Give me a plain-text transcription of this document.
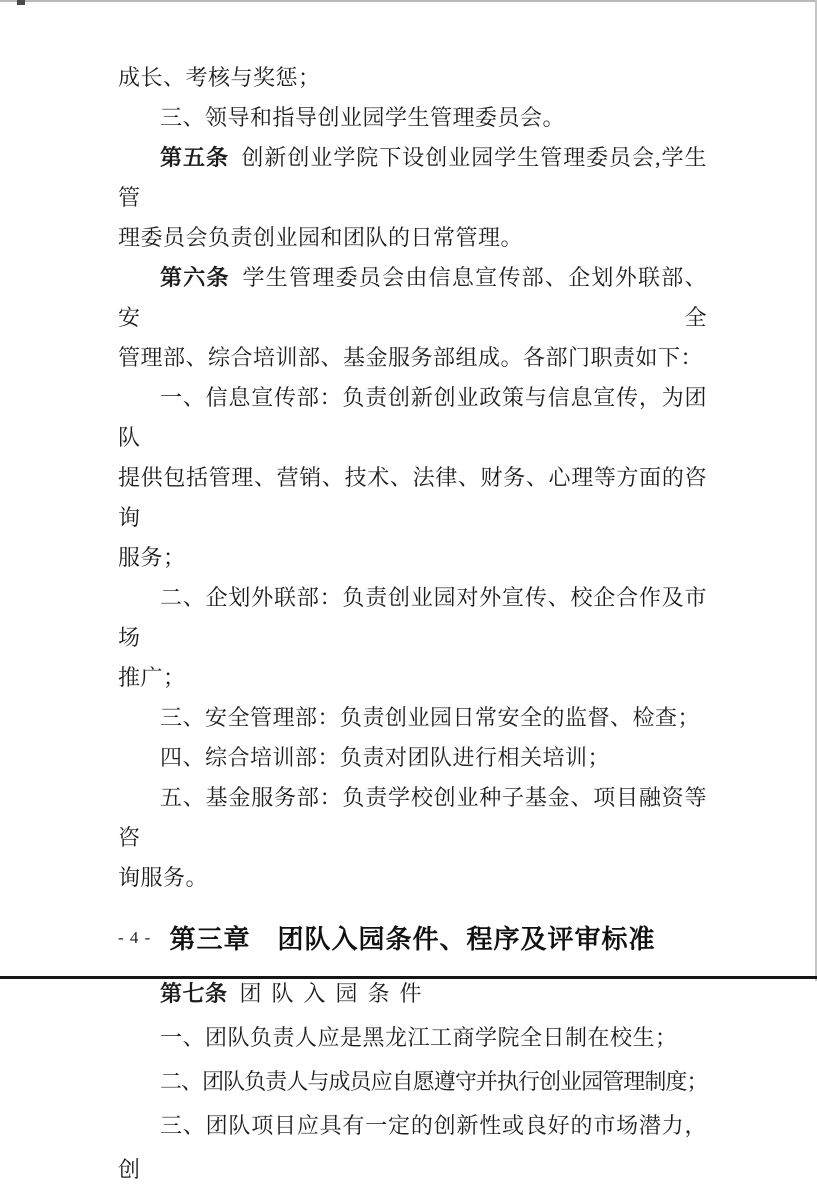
成长、考核与奖惩；
三、领导和指导创业园学生管理委员会。
第五条 创新创业学院下设创业园学生管理委员会,学生管
理委员会负责创业园和团队的日常管理。
第六条 学生管理委员会由信息宣传部、企划外联部、安全
管理部、综合培训部、基金服务部组成。各部门职责如下：
一、信息宣传部：负责创新创业政策与信息宣传，为团队
提供包括管理、营销、技术、法律、财务、心理等方面的咨询
服务；
二、企划外联部：负责创业园对外宣传、校企合作及市场
推广；
三、安全管理部：负责创业园日常安全的监督、检查；
四、综合培训部：负责对团队进行相关培训；
五、基金服务部：负责学校创业种子基金、项目融资等咨
询服务。
第三章　团队入园条件、程序及评审标准
第七条 团队入园条件
一、团队负责人应是黑龙江工商学院全日制在校生；
二、团队负责人与成员应自愿遵守并执行创业园管理制度；
三、团队项目应具有一定的创新性或良好的市场潜力，创
- 4 -
